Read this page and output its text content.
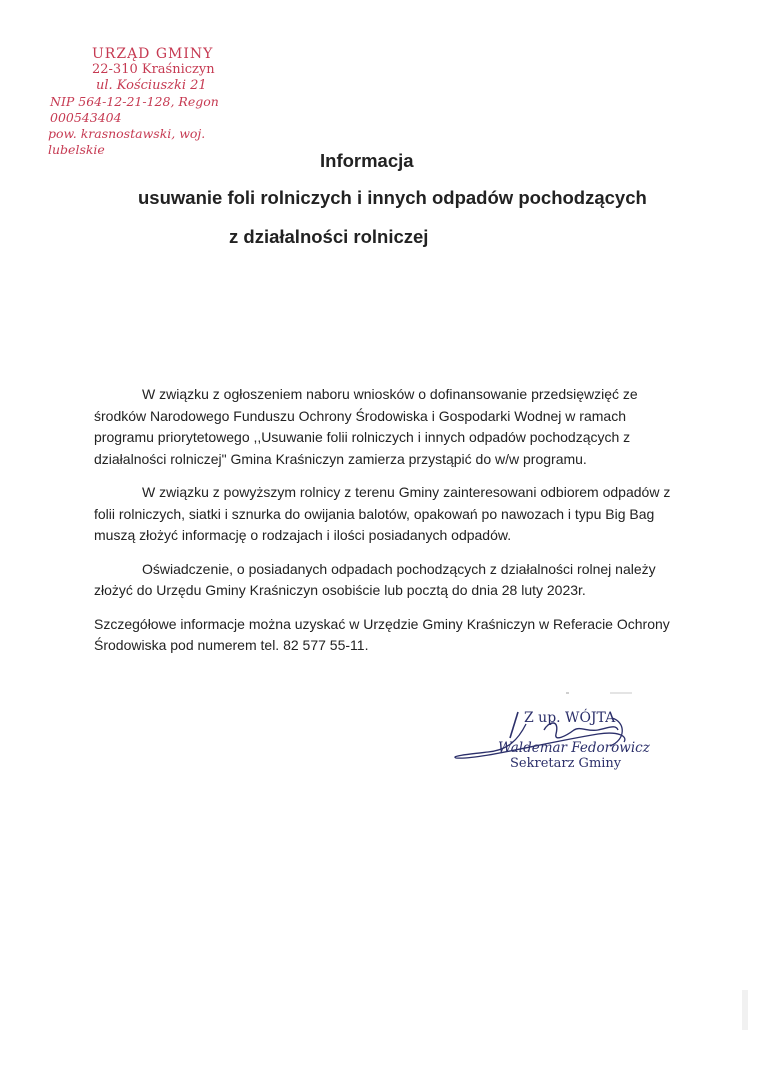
URZĄD GMINY
22-310 Kraśniczyn
ul. Kościuszki 21
NIP 564-12-21-128, Regon 000543404
pow. krasnostawski, woj. lubelskie
Informacja
usuwanie foli rolniczych i innych odpadów pochodzących
z działalności rolniczej

W związku z ogłoszeniem naboru wniosków o dofinansowanie przedsięwzięć ze
środków Narodowego Funduszu Ochrony Środowiska i Gospodarki Wodnej w ramach
programu priorytetowego ,,Usuwanie folii rolniczych i innych odpadów pochodzących z
działalności rolniczej" Gmina Kraśniczyn zamierza przystąpić do w/w programu.

W związku z powyższym rolnicy z terenu Gminy zainteresowani odbiorem odpadów z
folii rolniczych, siatki i sznurka do owijania balotów, opakowań po nawozach i typu Big Bag
muszą złożyć informację o rodzajach i ilości posiadanych odpadów.

Oświadczenie, o posiadanych odpadach pochodzących z działalności rolnej należy
złożyć do Urzędu Gminy Kraśniczyn osobiście lub pocztą do dnia 28 luty 2023r.

Szczegółowe informacje można uzyskać w Urzędzie Gminy Kraśniczyn w Referacie Ochrony
Środowiska pod numerem tel. 82 577 55-11.

Z up. WÓJTA
Waldemar Fedorowicz
Sekretarz Gminy
